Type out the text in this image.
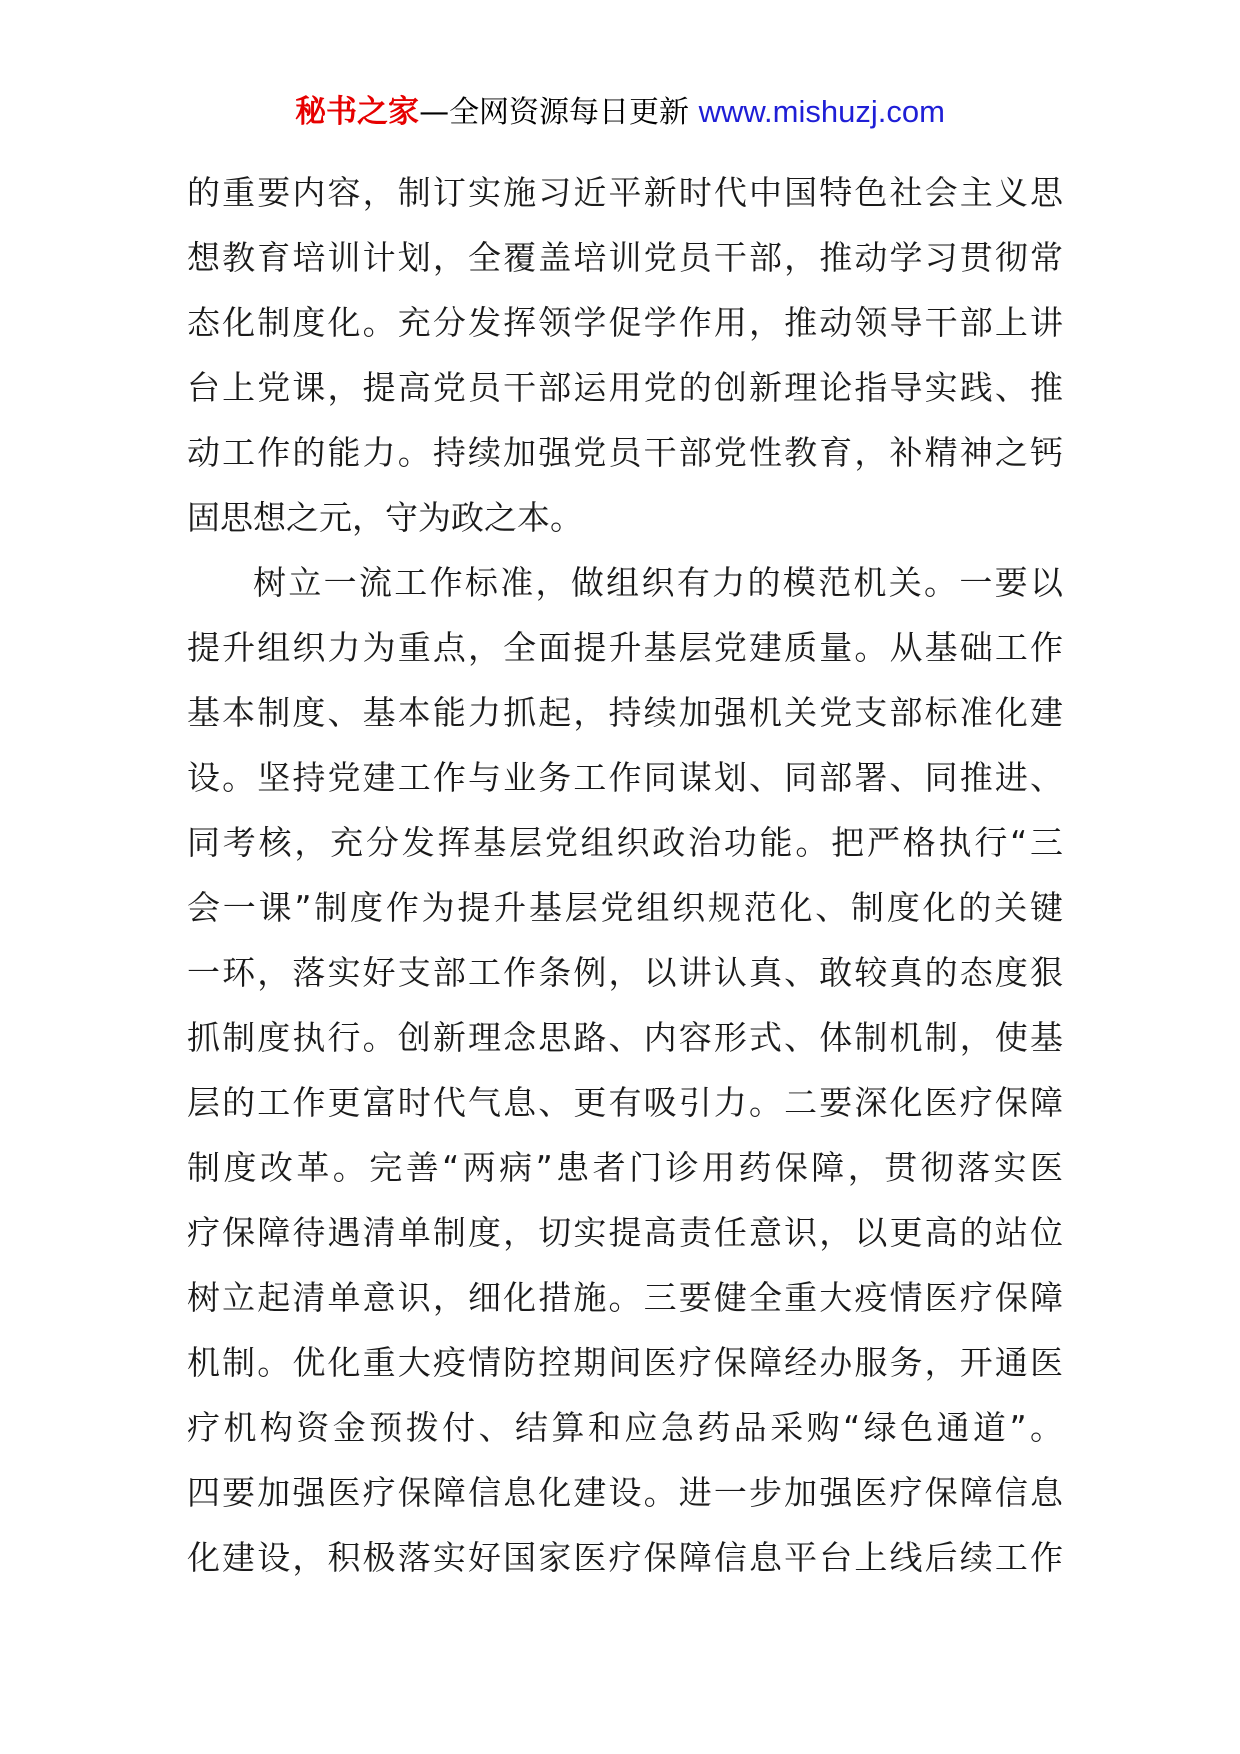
秘书之家—全网资源每日更新 www.mishuzj.com
的重要内容，制订实施习近平新时代中国特色社会主义思
想教育培训计划，全覆盖培训党员干部，推动学习贯彻常
态化制度化。充分发挥领学促学作用，推动领导干部上讲
台上党课，提高党员干部运用党的创新理论指导实践、推
动工作的能力。持续加强党员干部党性教育，补精神之钙
固思想之元，守为政之本。
树立一流工作标准，做组织有力的模范机关。一要以
提升组织力为重点，全面提升基层党建质量。从基础工作
基本制度、基本能力抓起，持续加强机关党支部标准化建
设。坚持党建工作与业务工作同谋划、同部署、同推进、
同考核，充分发挥基层党组织政治功能。把严格执行“三
会一课”制度作为提升基层党组织规范化、制度化的关键
一环，落实好支部工作条例，以讲认真、敢较真的态度狠
抓制度执行。创新理念思路、内容形式、体制机制，使基
层的工作更富时代气息、更有吸引力。二要深化医疗保障
制度改革。完善“两病”患者门诊用药保障，贯彻落实医
疗保障待遇清单制度，切实提高责任意识，以更高的站位
树立起清单意识，细化措施。三要健全重大疫情医疗保障
机制。优化重大疫情防控期间医疗保障经办服务，开通医
疗机构资金预拨付、结算和应急药品采购“绿色通道”。
四要加强医疗保障信息化建设。进一步加强医疗保障信息
化建设，积极落实好国家医疗保障信息平台上线后续工作
